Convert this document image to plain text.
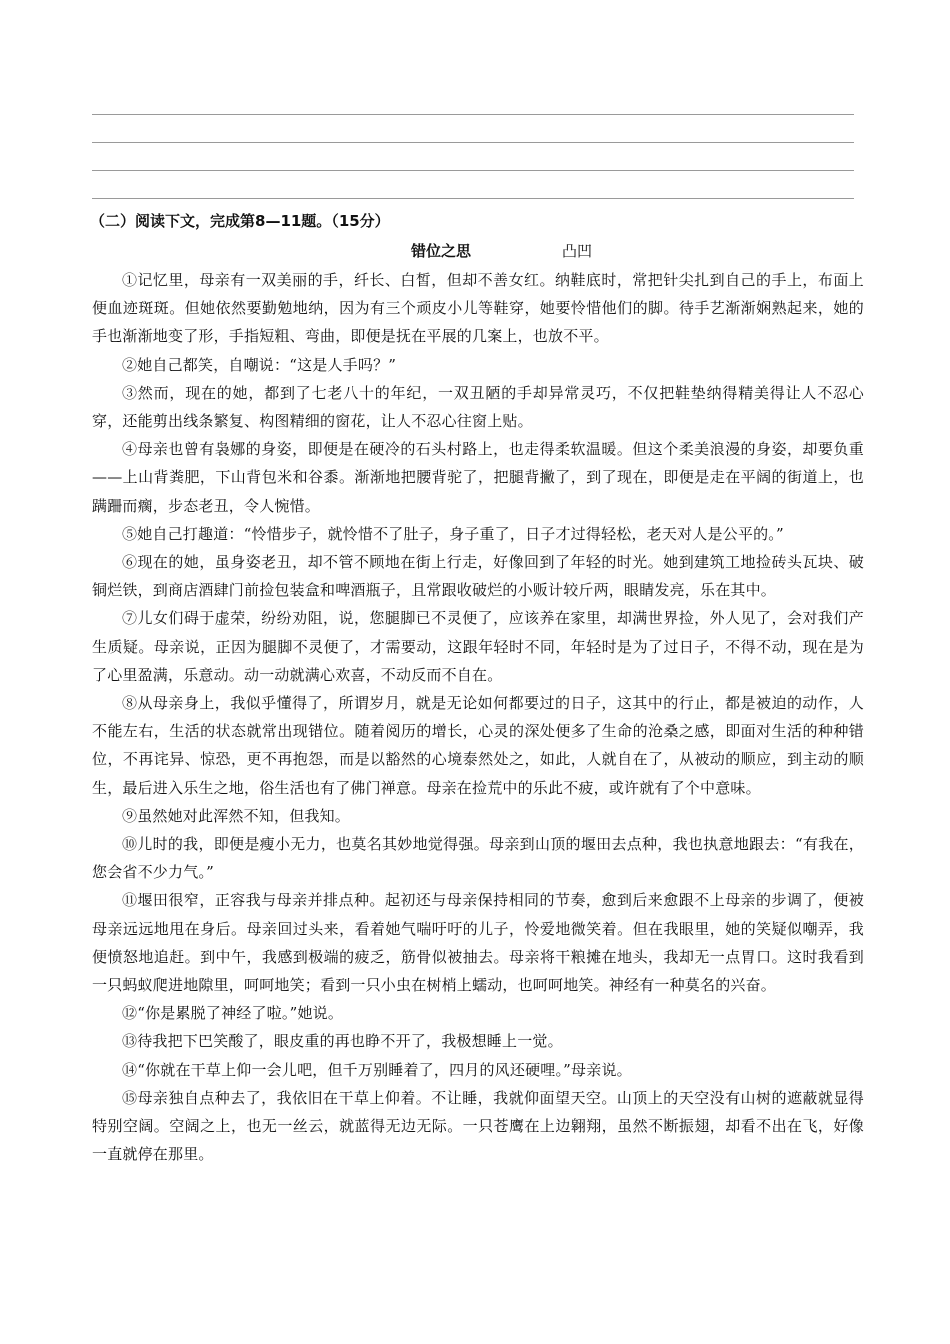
（二）阅读下文，完成第8—11题。（15分）
错位之思	凸凹

①记忆里，母亲有一双美丽的手，纤长、白皙，但却不善女红。纳鞋底时，常把针尖扎到自己的手上，布面上便血迹斑斑。但她依然要勤勉地纳，因为有三个顽皮小儿等鞋穿，她要怜惜他们的脚。待手艺渐渐娴熟起来，她的手也渐渐地变了形，手指短粗、弯曲，即便是抚在平展的几案上，也放不平。

②她自己都笑，自嘲说：“这是人手吗？”

③然而，现在的她，都到了七老八十的年纪，一双丑陋的手却异常灵巧，不仅把鞋垫纳得精美得让人不忍心穿，还能剪出线条繁复、构图精细的窗花，让人不忍心往窗上贴。

④母亲也曾有袅娜的身姿，即便是在硬冷的石头村路上，也走得柔软温暖。但这个柔美浪漫的身姿，却要负重——上山背粪肥，下山背包米和谷黍。渐渐地把腰背驼了，把腿背撇了，到了现在，即便是走在平阔的街道上，也蹒跚而瘸，步态老丑，令人惋惜。

⑤她自己打趣道：“怜惜步子，就怜惜不了肚子，身子重了，日子才过得轻松，老天对人是公平的。”

⑥现在的她，虽身姿老丑，却不管不顾地在街上行走，好像回到了年轻的时光。她到建筑工地捡砖头瓦块、破铜烂铁，到商店酒肆门前捡包装盒和啤酒瓶子，且常跟收破烂的小贩计较斤两，眼睛发亮，乐在其中。

⑦儿女们碍于虚荣，纷纷劝阻，说，您腿脚已不灵便了，应该养在家里，却满世界捡，外人见了，会对我们产生质疑。母亲说，正因为腿脚不灵便了，才需要动，这跟年轻时不同，年轻时是为了过日子，不得不动，现在是为了心里盈满，乐意动。动一动就满心欢喜，不动反而不自在。

⑧从母亲身上，我似乎懂得了，所谓岁月，就是无论如何都要过的日子，这其中的行止，都是被迫的动作，人不能左右，生活的状态就常出现错位。随着阅历的增长，心灵的深处便多了生命的沧桑之感，即面对生活的种种错位，不再诧异、惊恐，更不再抱怨，而是以豁然的心境泰然处之，如此，人就自在了，从被动的顺应，到主动的顺生，最后进入乐生之地，俗生活也有了佛门禅意。母亲在捡荒中的乐此不疲，或许就有了个中意味。

⑨虽然她对此浑然不知，但我知。

⑩儿时的我，即便是瘦小无力，也莫名其妙地觉得强。母亲到山顶的堰田去点种，我也执意地跟去：“有我在，您会省不少力气。”

⑪堰田很窄，正容我与母亲并排点种。起初还与母亲保持相同的节奏，愈到后来愈跟不上母亲的步调了，便被母亲远远地甩在身后。母亲回过头来，看着她气喘吁吁的儿子，怜爱地微笑着。但在我眼里，她的笑疑似嘲弄，我便愤怒地追赶。到中午，我感到极端的疲乏，筋骨似被抽去。母亲将干粮摊在地头，我却无一点胃口。这时我看到一只蚂蚁爬进地隙里，呵呵地笑；看到一只小虫在树梢上蠕动，也呵呵地笑。神经有一种莫名的兴奋。

⑫“你是累脱了神经了啦。”她说。

⑬待我把下巴笑酸了，眼皮重的再也睁不开了，我极想睡上一觉。

⑭“你就在干草上仰一会儿吧，但千万别睡着了，四月的风还硬哩。”母亲说。

⑮母亲独自点种去了，我依旧在干草上仰着。不让睡，我就仰面望天空。山顶上的天空没有山树的遮蔽就显得特别空阔。空阔之上，也无一丝云，就蓝得无边无际。一只苍鹰在上边翱翔，虽然不断振翅，却看不出在飞，好像一直就停在那里。
